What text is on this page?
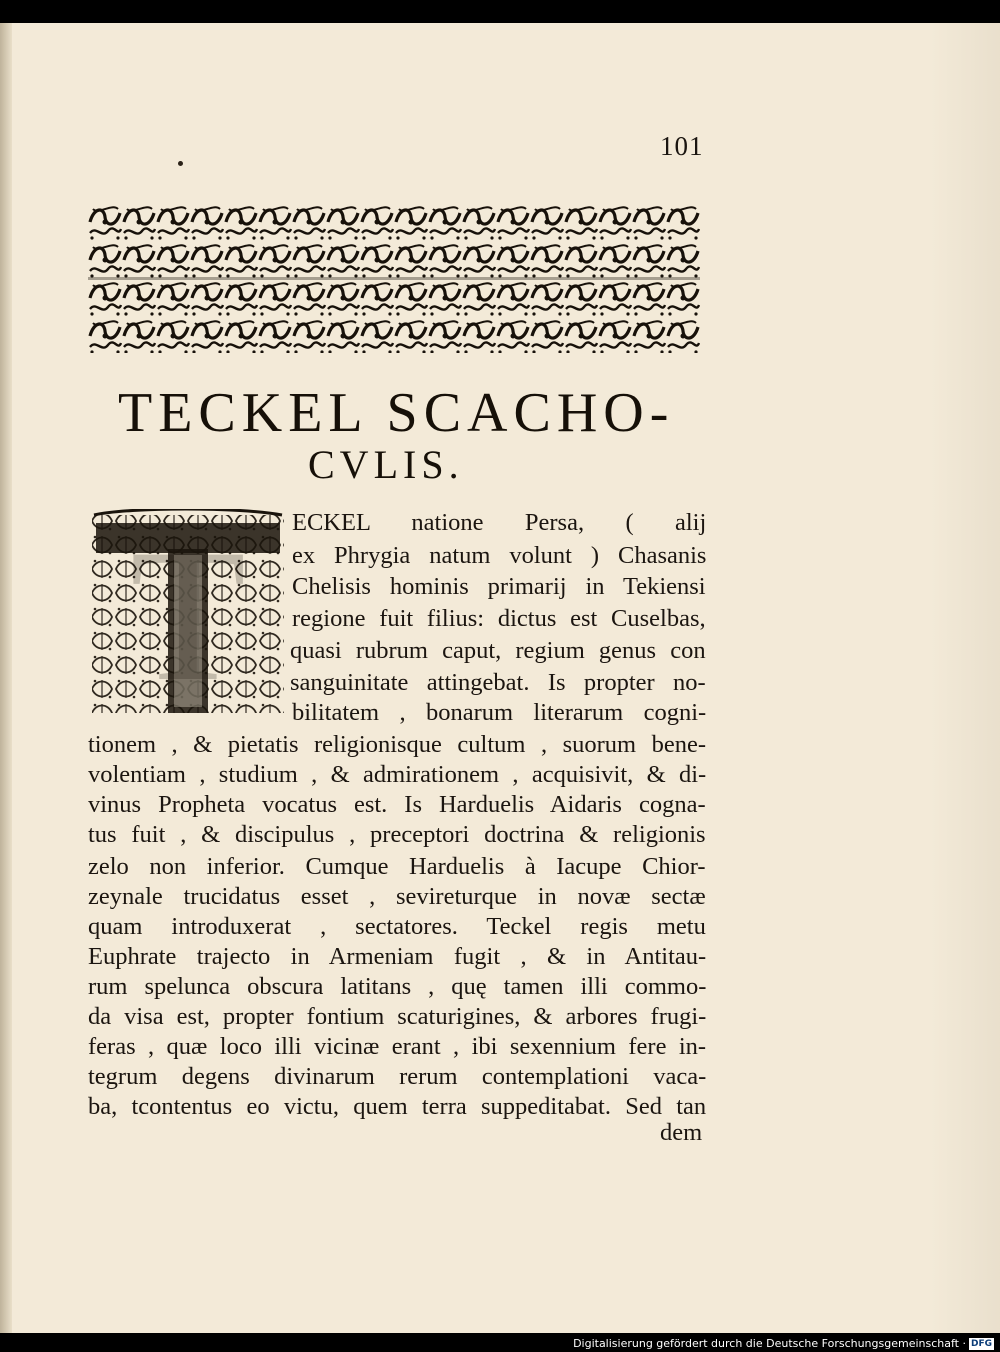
101
TECKEL SCACHO-
CVLIS.
T ECKEL natione Persa, ( alij
ex Phrygia natum volunt ) Chasanis
Chelisis hominis primarij in Tekiensi
regione fuit filius: dictus est Cuselbas,
quasi rubrum caput, regium genus con
sanguinitate attingebat. Is propter no-
bilitatem , bonarum literarum cogni-
tionem , & pietatis religionisque cultum , suorum bene-
volentiam , studium , & admirationem , acquisivit, & di-
vinus Propheta vocatus est. Is Harduelis Aidaris cogna-
tus fuit , & discipulus , preceptori doctrina & religionis
zelo non inferior. Cumque Harduelis à Iacupe Chior-
zeynale trucidatus esset , sevireturque in novæ sectæ
quam introduxerat , sectatores. Teckel regis metu
Euphrate trajecto in Armeniam fugit , & in Antitau-
rum spelunca obscura latitans , quę tamen illi commo-
da visa est, propter fontium scaturigines, & arbores frugi-
feras , quæ loco illi vicinæ erant , ibi sexennium fere in-
tegrum degens divinarum rerum contemplationi vaca-
ba, tcontentus eo victu, quem terra suppeditabat. Sed tan
dem
Digitalisierung gefördert durch die Deutsche Forschungsgemeinschaft · DFG
